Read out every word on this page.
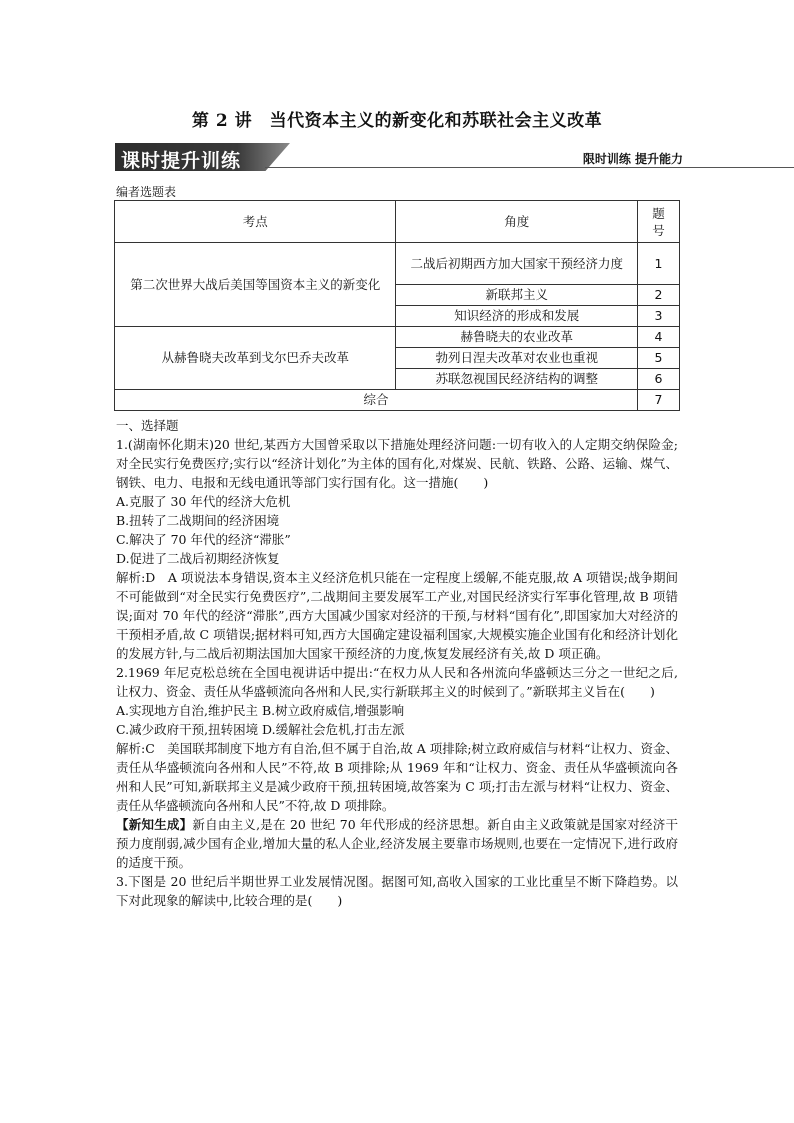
第 2 讲　当代资本主义的新变化和苏联社会主义改革
课时提升训练	限时训练 提升能力
编者选题表
考点	角度	题号
第二次世界大战后美国等国资本主义的新变化	二战后初期西方加大国家干预经济力度	1
	新联邦主义	2
	知识经济的形成和发展	3
从赫鲁晓夫改革到戈尔巴乔夫改革	赫鲁晓夫的农业改革	4
	勃列日涅夫改革对农业也重视	5
	苏联忽视国民经济结构的调整	6
综合		7

一、选择题

1.(湖南怀化期末)20 世纪,某西方大国曾采取以下措施处理经济问题:一切有收入的人定期交纳保险金;对全民实行免费医疗;实行以“经济计划化”为主体的国有化,对煤炭、民航、铁路、公路、运输、煤气、钢铁、电力、电报和无线电通讯等部门实行国有化。这一措施(　　)

A.克服了 30 年代的经济大危机

B.扭转了二战期间的经济困境

C.解决了 70 年代的经济“滞胀”

D.促进了二战后初期经济恢复

解析:D　A 项说法本身错误,资本主义经济危机只能在一定程度上缓解,不能克服,故 A 项错误;战争期间不可能做到“对全民实行免费医疗”,二战期间主要发展军工产业,对国民经济实行军事化管理,故 B 项错误;面对 70 年代的经济“滞胀”,西方大国减少国家对经济的干预,与材料“国有化”,即国家加大对经济的干预相矛盾,故 C 项错误;据材料可知,西方大国确定建设福利国家,大规模实施企业国有化和经济计划化的发展方针,与二战后初期法国加大国家干预经济的力度,恢复发展经济有关,故 D 项正确。

2.1969 年尼克松总统在全国电视讲话中提出:“在权力从人民和各州流向华盛顿达三分之一世纪之后,让权力、资金、责任从华盛顿流向各州和人民,实行新联邦主义的时候到了。”新联邦主义旨在(　　)

A.实现地方自治,维护民主 B.树立政府威信,增强影响

C.减少政府干预,扭转困境 D.缓解社会危机,打击左派

解析:C　美国联邦制度下地方有自治,但不属于自治,故 A 项排除;树立政府威信与材料“让权力、资金、责任从华盛顿流向各州和人民”不符,故 B 项排除;从 1969 年和“让权力、资金、责任从华盛顿流向各州和人民”可知,新联邦主义是减少政府干预,扭转困境,故答案为 C 项;打击左派与材料“让权力、资金、责任从华盛顿流向各州和人民”不符,故 D 项排除。

【新知生成】新自由主义,是在 20 世纪 70 年代形成的经济思想。新自由主义政策就是国家对经济干预力度削弱,减少国有企业,增加大量的私人企业,经济发展主要靠市场规则,也要在一定情况下,进行政府的适度干预。

3.下图是 20 世纪后半期世界工业发展情况图。据图可知,高收入国家的工业比重呈不断下降趋势。以下对此现象的解读中,比较合理的是(　　)
